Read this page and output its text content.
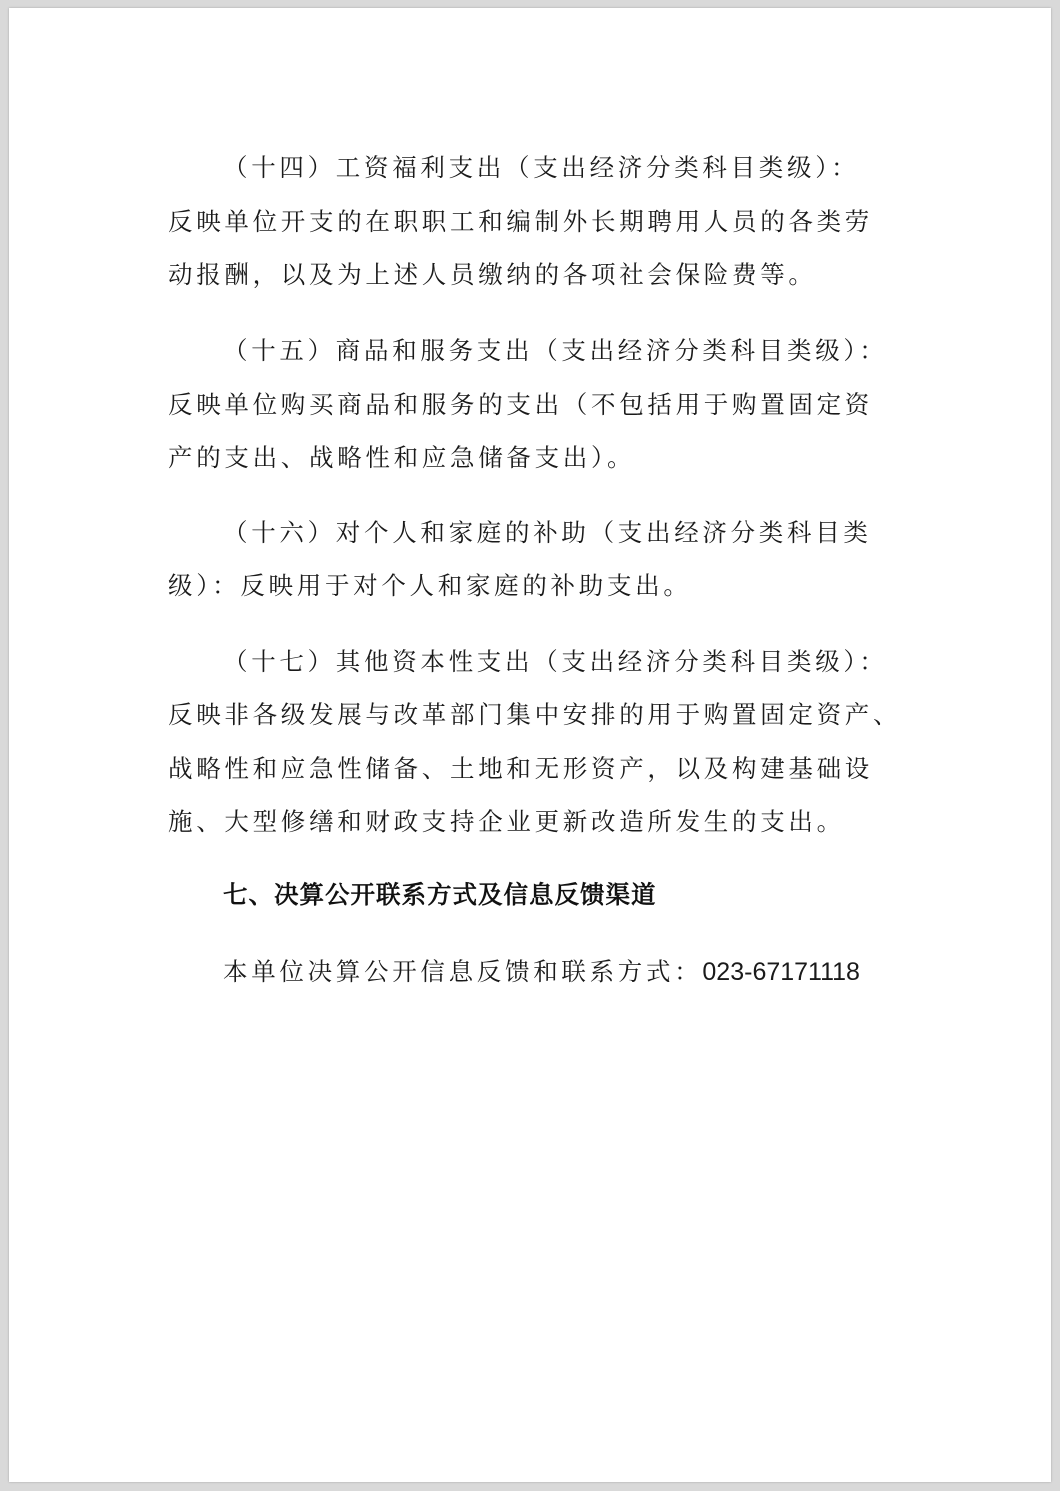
（十四）工资福利支出（支出经济分类科目类级）：
反映单位开支的在职职工和编制外长期聘用人员的各类劳
动报酬，以及为上述人员缴纳的各项社会保险费等。
（十五）商品和服务支出（支出经济分类科目类级）：
反映单位购买商品和服务的支出（不包括用于购置固定资
产的支出、战略性和应急储备支出）。
（十六）对个人和家庭的补助（支出经济分类科目类
级）：反映用于对个人和家庭的补助支出。
（十七）其他资本性支出（支出经济分类科目类级）：
反映非各级发展与改革部门集中安排的用于购置固定资产、
战略性和应急性储备、土地和无形资产，以及构建基础设
施、大型修缮和财政支持企业更新改造所发生的支出。
七、决算公开联系方式及信息反馈渠道
本单位决算公开信息反馈和联系方式：023-67171118
